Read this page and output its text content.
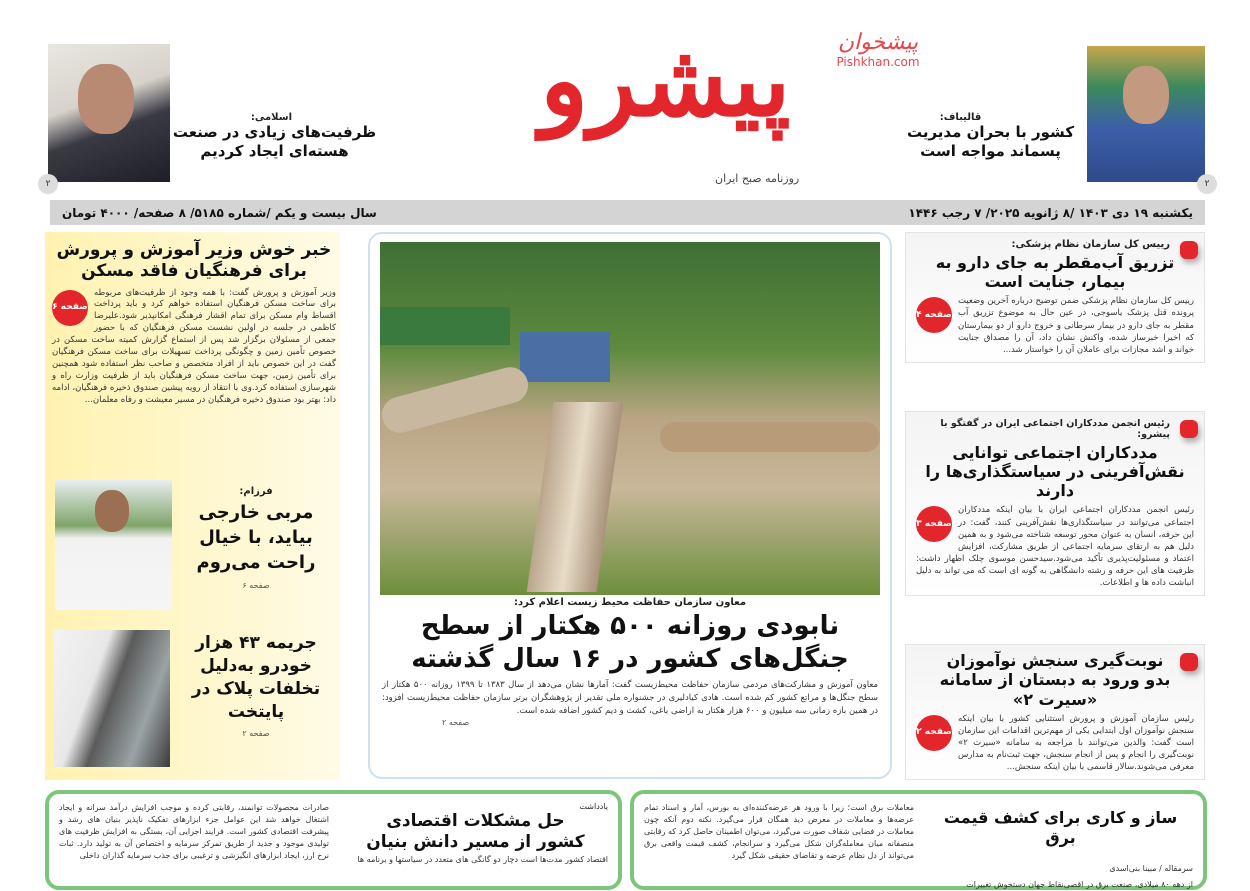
۲
اسلامی:
ظرفیت‌های زیادی در صنعت هسته‌ای ایجاد کردیم
پیشرو
روزنامه صبح ایران
پیشخوان
Pishkhan.com
قالیباف:
کشور با بحران مدیریت پسماند مواجه است
۲
یکشنبه ۱۹ دی ۱۴۰۳ /۸ ژانویه ۲۰۲۵/ ۷ رجب ۱۴۴۶
سال بیست و یکم /شماره ۵۱۸۵/ ۸ صفحه/ ۴۰۰۰ تومان
خبر خوش وزیر آموزش و پرورش برای فرهنگیان فاقد مسکن
صفحه ۶
وزیر آموزش و پرورش گفت: با همه وجود از ظرفیت‌های مربوطه برای ساخت مسکن فرهنگیان استفاده خواهم کرد و باید پرداخت اقساط وام مسکن برای تمام اقشار فرهنگی امکانپذیر شود.علیرضا کاظمی در جلسه در اولین نشست مسکن فرهنگیان که با حضور جمعی از مسئولان برگزار شد پس از استماع گزارش کمیته ساخت مسکن در خصوص تأمین زمین و چگونگی پرداخت تسهیلات برای ساخت مسکن فرهنگیان گفت در این خصوص باید از افراد متخصص و صاحب نظر استفاده شود همچنین برای تأمین زمین، جهت ساخت مسکن فرهنگیان باید از ظرفیت وزارت راه و شهرسازی استفاده کرد.وی با انتقاد از رویه پیشین صندوق ذخیره فرهنگیان، ادامه داد: بهتر بود صندوق ذخیره فرهنگیان در مسیر معیشت و رفاه معلمان...
فرزام:
مربی خارجی بیاید، با خیال راحت می‌روم
صفحه ۶
جریمه ۴۳ هزار خودرو به‌دلیل تخلفات پلاک در پایتخت
صفحه ۲
معاون سازمان حفاظت محیط زیست اعلام کرد:
نابودی روزانه ۵۰۰ هکتار از سطح
جنگل‌های کشور در ۱۶ سال گذشته
معاون آموزش و مشارکت‌های مردمی سازمان حفاظت محیط‌زیست گفت: آمارها نشان می‌دهد از سال ۱۳۸۳ تا ۱۳۹۹ روزانه ۵۰۰ هکتار از سطح جنگل‌ها و مراتع کشور کم شده است. هادی کیادلیری در جشنواره ملی تقدیر از پژوهشگران برتر سازمان حفاظت محیط‌زیست افزود: در همین بازه زمانی سه میلیون و ۶۰۰ هزار هکتار به اراضی باغی، کشت و دیم کشور اضافه شده است.
صفحه ۲
رییس کل سازمان نظام پزشکی:
تزریق آب‌مقطر به جای دارو به بیمار، جنایت است
صفحه ۴
رییس کل سازمان نظام پزشکی ضمن توضیح درباره آخرین وضعیت پرونده قتل پزشک یاسوجی، در عین حال به موضوع تزریق آب مقطر به جای دارو در بیمار سرطانی و خروج دارو از دو بیمارستان که اخیرا خبرساز شده، واکنش نشان داد، آن را مصداق جنایت خواند و اشد مجازات برای عاملان آن را خواستار شد...
رئیس انجمن مددکاران اجتماعی ایران در گفتگو با پیشرو:
مددکاران اجتماعی توانایی نقش‌آفرینی در سیاستگذاری‌ها را دارند
صفحه ۳
رئیس انجمن مددکاران اجتماعی ایران با بیان اینکه مددکاران اجتماعی می‌توانند در سیاستگذاری‌ها نقش‌آفرینی کنند، گفت: در این حرفه، انسان به عنوان محور توسعه شناخته می‌شود و به همین دلیل هم به ارتقای سرمایه اجتماعی از طریق مشارکت، افزایش اعتماد و مسئولیت‌پذیری تأکید می‌شود.سیدحسن موسوی چلک اظهار داشت: ظرفیت های این حرفه و رشته دانشگاهی به گونه ای است که می تواند به دلیل انباشت داده ها و اطلاعات.
نوبت‌گیری سنجش نوآموزان بدو ورود به دبستان از سامانه «سیرت ۲»
صفحه ۲
رئیس سازمان آموزش و پرورش استثنایی کشور با بیان اینکه سنجش نوآموزان اول ابتدایی یکی از مهم‌ترین اقدامات این سازمان است گفت: والدین می‌توانند با مراجعه به سامانه «سیرت ۲» نوبت‌گیری را انجام و پس از انجام سنجش، جهت ثبت‌نام به مدارس معرفی می‌شوند.سالار قاسمی با بیان اینکه سنجش...
یادداشت
حل مشکلات اقتصادی کشور از مسیر دانش بنیان
اقتصاد کشور مدت‌ها است دچار دو گانگی های متعدد در سیاستها و برنامه ها
صادرات محصولات توانمند، رقابتی کرده و موجب افزایش درآمد سرانه و ایجاد اشتغال خواهد شد این عوامل جزء ابزارهای تفکیک ناپذیر بنیان های رشد و پیشرفت اقتصادی کشور است. فرایند اجرایی آن، بستگی به افزایش ظرفیت های تولیدی موجود و جدید از طریق تمرکز سرمایه و اختصاص آن به تولید دارد. ثبات نرخ ارز، ایجاد ابزارهای انگیزشی و ترغیبی برای جذب سرمایه گذاران داخلی
ساز و کاری برای کشف قیمت برق
سرمقاله / مبینا بنی‌اسدی
از دهه ۸۰ میلادی، صنعت برق در اقصی‌نقاط جهان دستخوش تغییرات
معاملات برق است؛ زیرا با ورود هر عرضه‌کننده‌ای به بورس، آمار و اسناد تمام عرضه‌ها و معاملات در معرض دید همگان قرار می‌گیرد. نکته دوم آنکه چون معاملات در فضایی شفاف صورت می‌گیرد، می‌توان اطمینان حاصل کرد که رقابتی منصفانه میان معامله‌گران شکل می‌گیرد و سرانجام، کشف قیمت واقعی برق می‌تواند از دل نظام عرضه و تقاضای حقیقی شکل گیرد
